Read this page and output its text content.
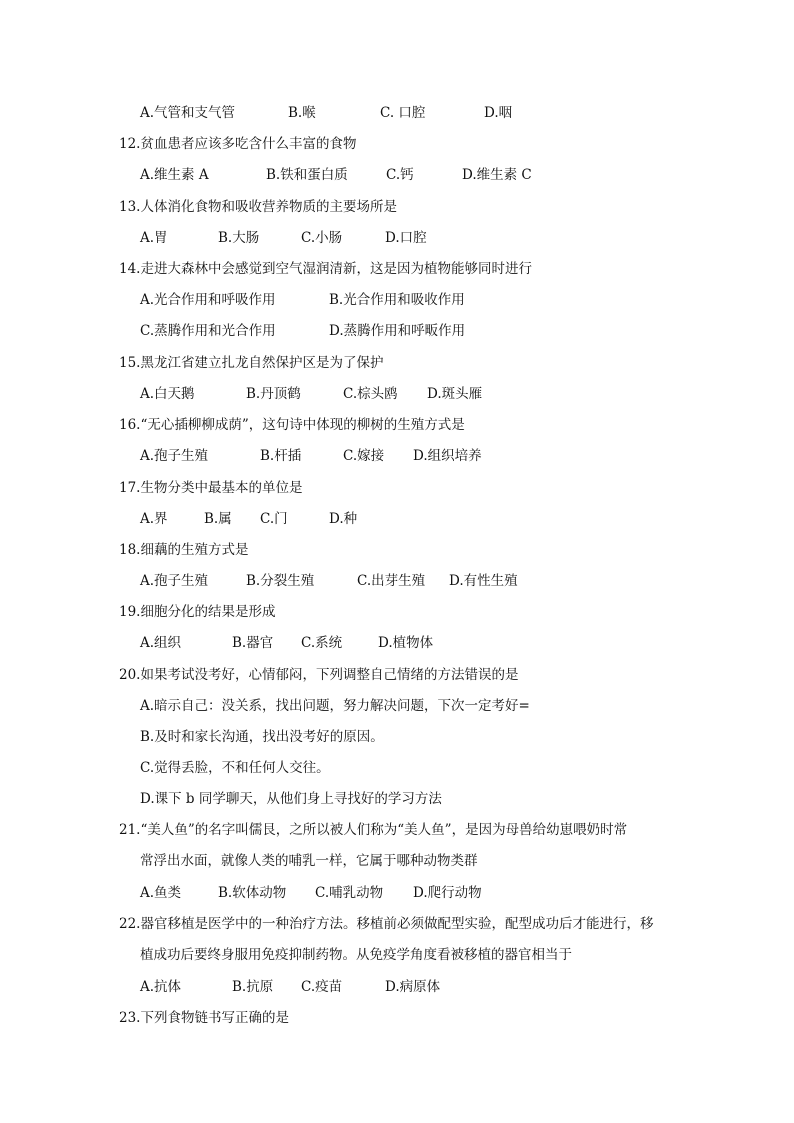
A.气管和支气管	B.喉	C. 口腔	D.咽
12.贫血患者应该多吃含什么丰富的食物
A.维生素 A	B.铁和蛋白质	C.钙	D.维生素 C
13.人体消化食物和吸收营养物质的主要场所是
A.胃	B.大肠	C.小肠	D.口腔
14.走进大森林中会感觉到空气湿润清新，这是因为植物能够同时进行
A.光合作用和呼吸作用	B.光合作用和吸收作用
C.蒸腾作用和光合作用	D.蒸腾作用和呼畈作用
15.黑龙江省建立扎龙自然保护区是为了保护
A.白天鹅	B.丹顶鹤	C.棕头鸥 D.斑头雁
16.“无心插柳柳成荫”，这句诗中体现的柳树的生殖方式是
A.孢子生殖	B.杆插	C.嫁接 D.组织培养
17.生物分类中最基本的单位是
A.界	B.属 C.门	D.种
18.细藕的生殖方式是
A.孢子生殖	B.分裂生殖	C.出芽生殖 D.有性生殖
19.细胞分化的结果是形成
A.组织	B.器官 C.系统	D.植物体
20.如果考试没考好，心情郁闷，下列调整自己情绪的方法错误的是
A.暗示自己：没关系，找出问题，努力解决问题，下次一定考好=
B.及时和家长沟通，找出没考好的原因。
C.觉得丢脸，不和任何人交往。
D.课下 b 同学聊天，从他们身上寻找好的学习方法
21.“美人鱼”的名字叫儒艮，之所以被人们称为“美人鱼”，是因为母兽给幼崽喂奶时常
常浮出水面，就像人类的哺乳一样，它属于哪种动物类群
A.鱼类	B.软体动物 C.哺乳动物 D.爬行动物
22.器官移植是医学中的一种治疗方法。移植前必须做配型实验，配型成功后才能进行，移
植成功后要终身服用免疫抑制药物。从免疫学角度看被移植的器官相当于
A.抗体	B.抗原 C.疫苗	D.病原体
23.下列食物链书写正确的是
